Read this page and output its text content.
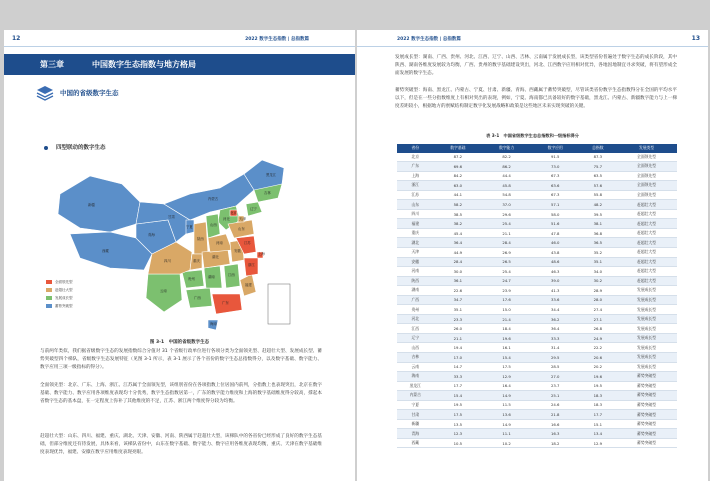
12	2022 数字生态指数 | 总指数篇
第三章	中国数字生态指数与地方格局
中国的省级数字生态
四型联动的数字生态
新疆
西藏
青海
甘肃
内蒙古
黑龙江
吉林
辽宁
宁夏
陕西
山西
河北
北京
天津
山东
河南
四川	重庆
湖北
安徽
江苏
上海
浙江
贵州	湖南	江西
福建
云南
广西
广东
海南
全面领先型
赶超壮大型
发展成长型
蓄势突破型
图 3-1　中国的省级数字生态
与前两年类似，我们据省级数字生态的发展指数综合分值对 31 个省级行政单位进行各项分类为全面领先型、赶超壮大型、发展成长型、蓄势突破型四个梯队，省级数字生态发展特征（见图 3-1 所示，表 3-1 展示了各个省份的数字生态总指数得分，以及数字基础、数字能力、数字应用三项一级指标的得分）。
全面领先型：北京、广东、上海、浙江、江苏属于全面领先型，该组别省份在各项指数上位居国内前列，分指数上也表现突出，北京在数字基础、数字能力、数字应用各项维度表现均十分优秀，数字生态指数居第一，广东的数字能力维度和上海的数字基础维度得分较高，撑起本省数字生态的基本盘，在一定程度上弥补了其他维度的不足，江苏、浙江两个维度得分较为均衡。
赶超壮大型：山东、四川、福建、重庆、湖北、天津、安徽、河南、陕西属于赶超壮大型，该梯队中的各省份已经形成了良好的数字生态基础，但部分维度还有待发展，具体来看，该梯队省份中，山东在数字基础、数字能力、数字应用各维度表现均衡，重庆、天津在数字基础维度表现优异，福建、安徽在数字应用维度表现亮眼。
2022 数字生态指数 | 总指数篇	13
发展成长型：湖南、广西、贵州、河北、江西、辽宁、山西、吉林、云南属于发展成长型，该类型省份普遍处于数字生态的成长阶段，其中陕西、湖南各维度发展较为均衡，广西、贵州的数字基础建设突出，河北、江西数字应用相对优异，各地因地制宜寻求突破，将有望形成全面发展的数字生态。
蓄势突破型：海南、黑龙江、内蒙古、宁夏、甘肃、新疆、青海、西藏属于蓄势突破型，尽管该类省份数字生态指数得分在全国的平均水平以下，但是在一些分指数维度上有相对突出的表现，例如，宁夏、海南都已具备较好的数字基础，黑龙江、内蒙古、新疆数字能力与上一梯度差距较小，根据地方的禀赋结构制定数字化发展战略和政策是这些地区未来实现突破的关键。
表 3-1　中国省级数字生态总指数和一级指标得分
省份	数字基础	数字能力	数字应用	总指数	发展类型
北京	87.2	82.2	91.5	87.3	全面领先型
广东	69.6	86.2	73.0	75.7	全面领先型
上海	84.2	44.4	67.3	63.5	全面领先型
浙江	63.0	45.8	63.6	57.6	全面领先型
江苏	44.1	54.8	67.3	55.8	全面领先型
山东	58.2	37.0	57.1	48.2	赶超壮大型
四川	38.5	29.6	58.0	39.5	赶超壮大型
福建	38.2	25.4	51.6	38.1	赶超壮大型
重庆	45.4	21.1	47.8	36.8	赶超壮大型
湖北	36.4	28.4	46.0	36.5	赶超壮大型
天津	44.9	26.9	43.8	35.2	赶超壮大型
安徽	28.4	26.5	48.6	35.1	赶超壮大型
河南	30.0	25.4	46.3	34.0	赶超壮大型
陕西	36.1	24.7	39.0	30.2	赶超壮大型
湖南	22.6	23.9	41.3	28.9	发展成长型
广西	34.7	17.6	33.6	28.0	发展成长型
贵州	35.1	15.0	34.4	27.4	发展成长型
河北	23.3	21.4	36.2	27.1	发展成长型
江西	26.0	18.4	36.4	26.8	发展成长型
辽宁	21.1	19.6	33.3	24.9	发展成长型
山西	19.4	16.1	31.4	22.2	发展成长型
吉林	17.0	15.4	29.5	20.6	发展成长型
云南	14.7	17.5	28.5	20.2	发展成长型
海南	33.3	12.9	27.0	19.6	蓄势突破型
黑龙江	17.7	16.4	23.7	19.5	蓄势突破型
内蒙古	15.4	14.9	25.1	18.3	蓄势突破型
宁夏	19.5	11.5	24.6	18.3	蓄势突破型
甘肃	17.5	13.6	21.8	17.7	蓄势突破型
新疆	13.5	14.9	16.6	15.1	蓄势突破型
青海	12.3	11.1	16.3	13.4	蓄势突破型
西藏	10.5	10.2	18.2	12.9	蓄势突破型
